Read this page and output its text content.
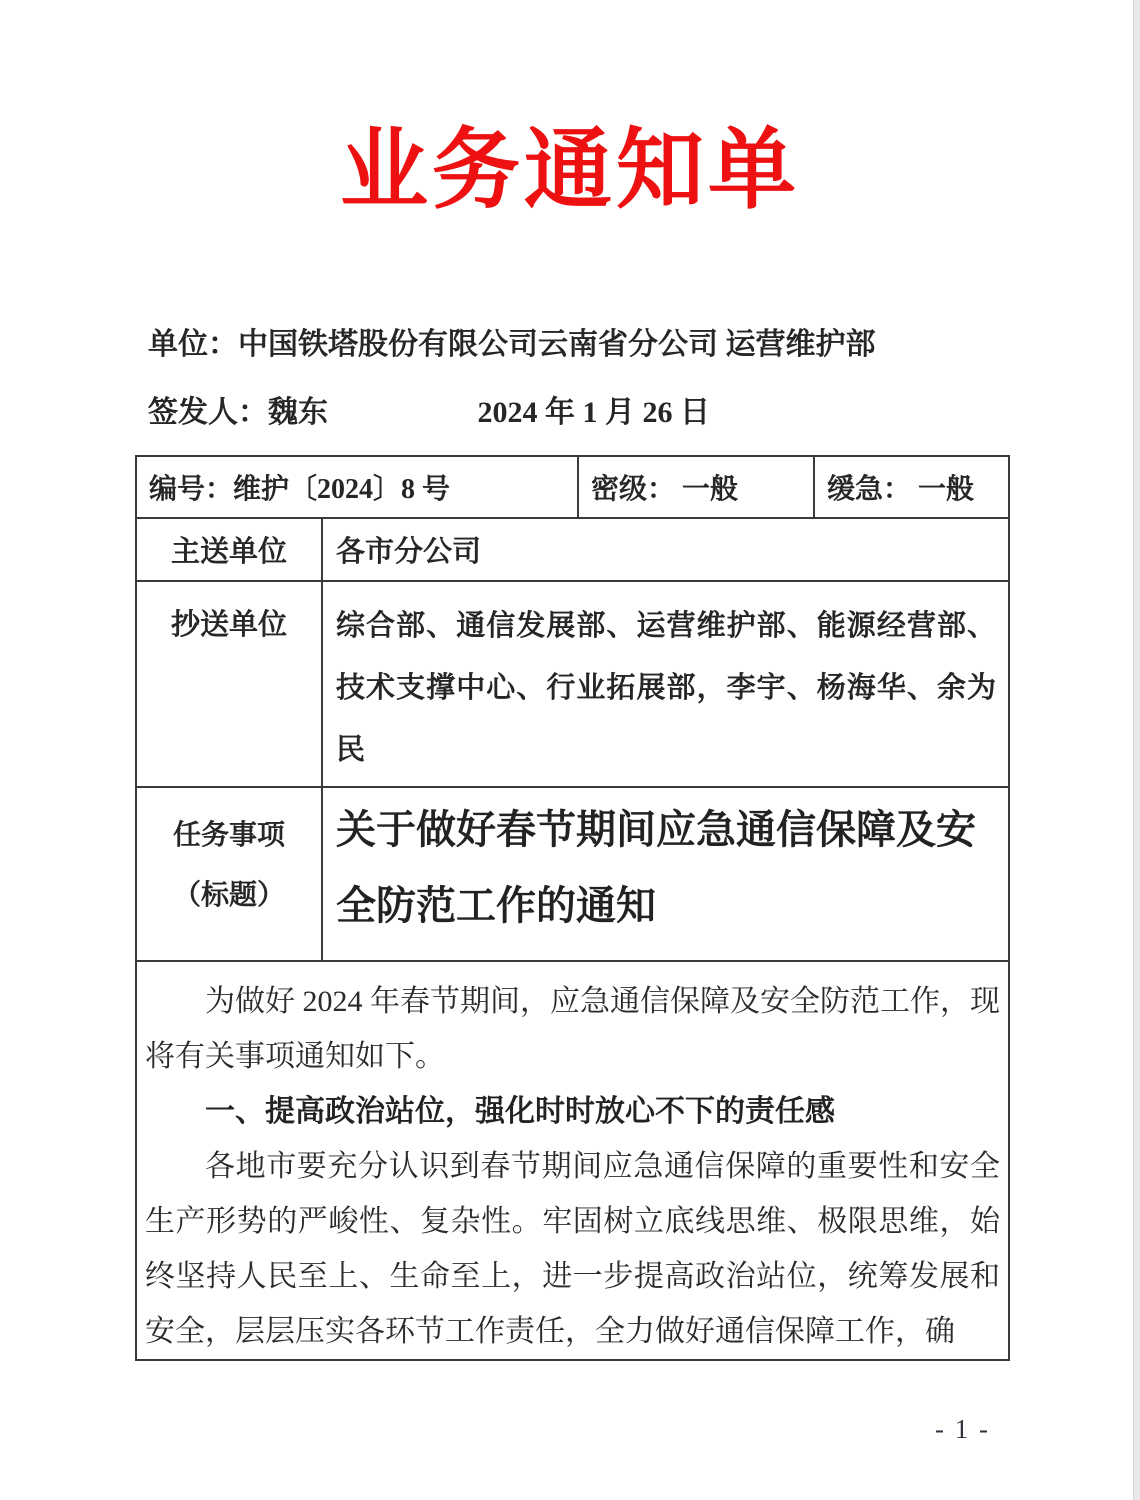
业务通知单
单位：中国铁塔股份有限公司云南省分公司 运营维护部
签发人：魏东	2024 年 1 月 26 日
编号：维护〔2024〕8 号		密级： 一般	缓急： 一般
主送单位	各市分公司		
抄送单位	综合部、通信发展部、运营维护部、能源经营部、技术支撑中心、行业拓展部，李宇、杨海华、余为民		

任务事项
（标题）	关于做好春节期间应急通信保障及安全防范工作的通知		

为做好 2024 年春节期间，应急通信保障及安全防范工作，现将有关事项通知如下。

一、提高政治站位，强化时时放心不下的责任感

各地市要充分认识到春节期间应急通信保障的重要性和安全生产形势的严峻性、复杂性。牢固树立底线思维、极限思维，始终坚持人民至上、生命至上，进一步提高政治站位，统筹发展和安全，层层压实各环节工作责任，全力做好通信保障工作，确			

- 1 -
